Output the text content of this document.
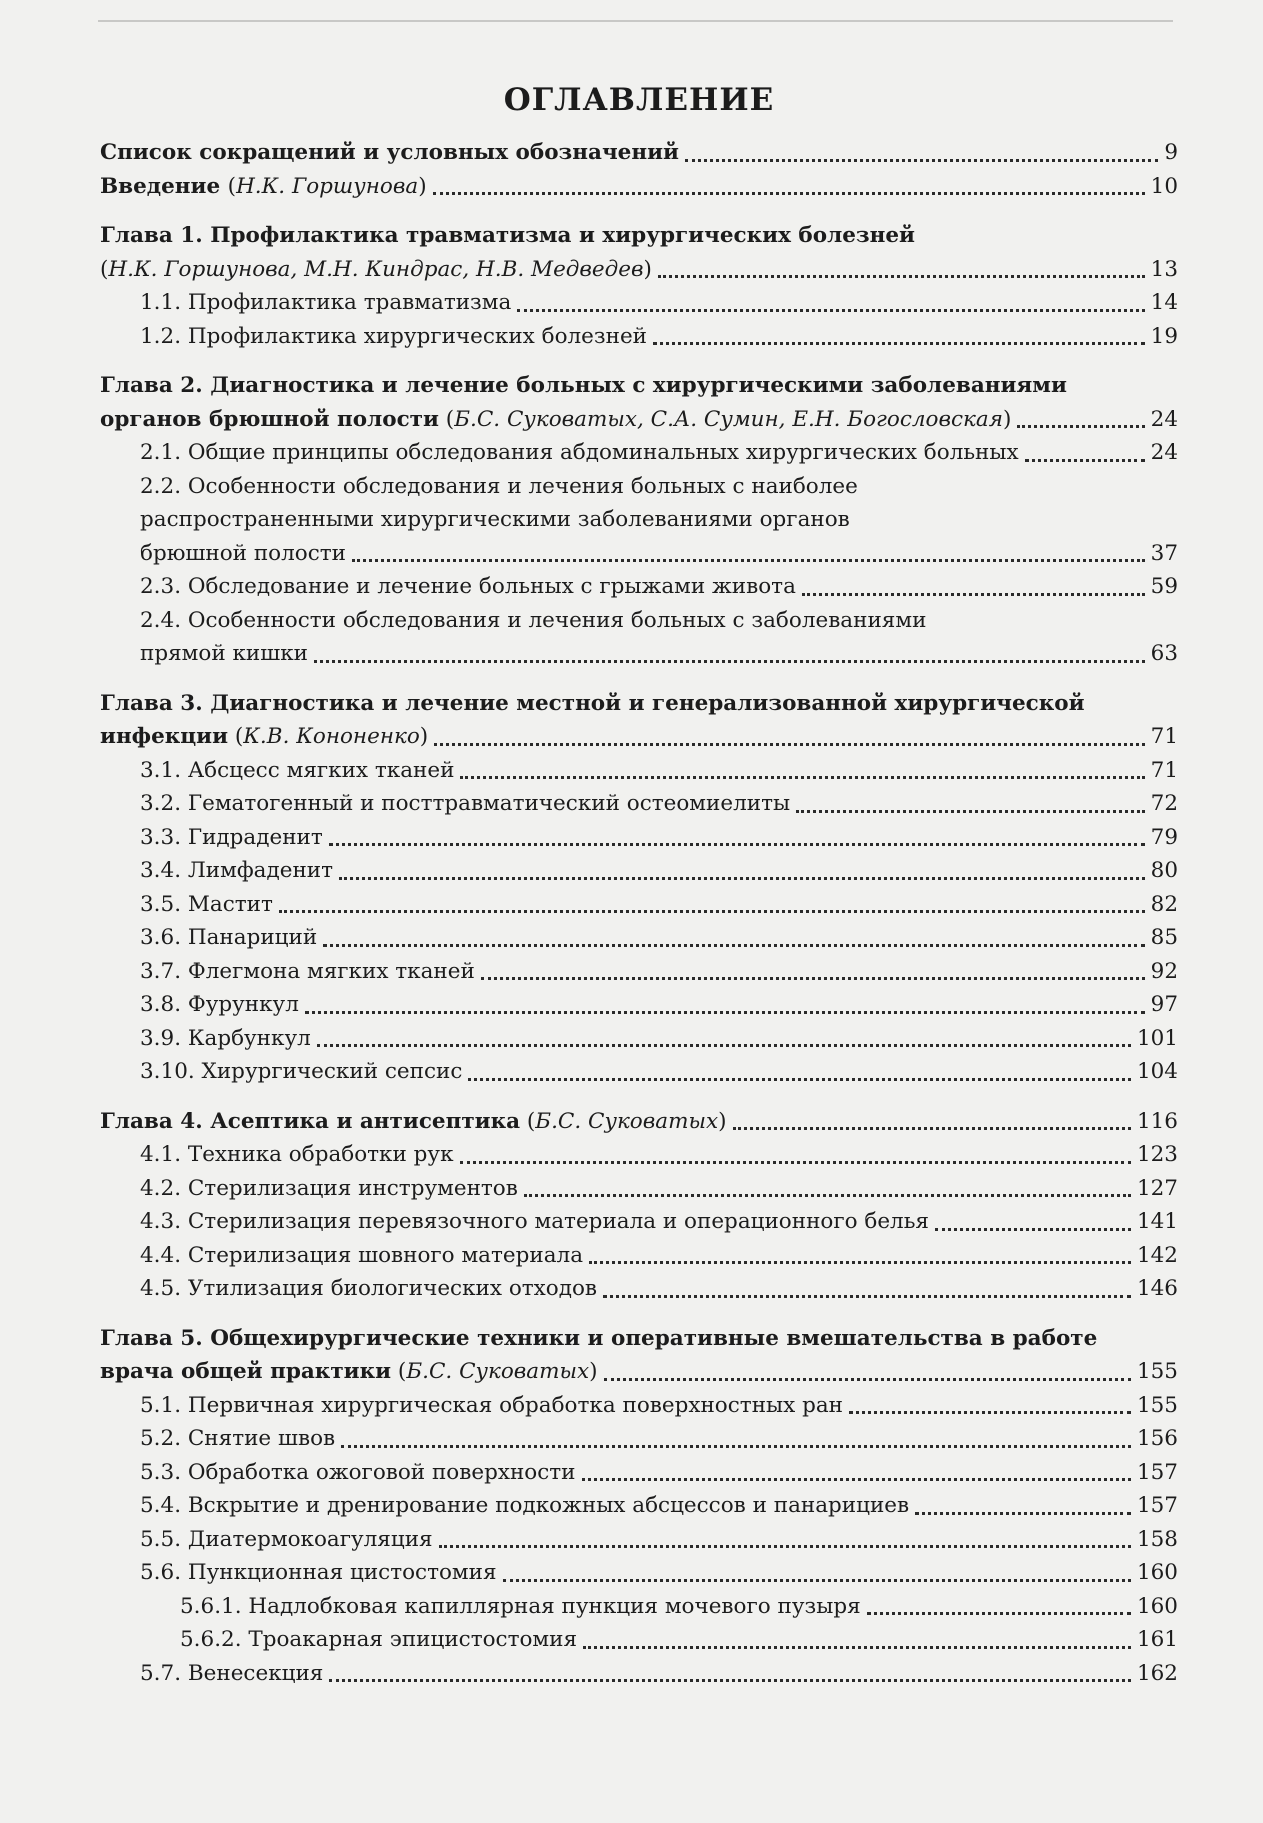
ОГЛАВЛЕНИЕ
Список сокращений и условных обозначений	9
Введение (Н.К. Горшунова)	10
Глава 1. Профилактика травматизма и хирургических болезней
(Н.К. Горшунова, М.Н. Киндрас, Н.В. Медведев)	13
1.1. Профилактика травматизма	14
1.2. Профилактика хирургических болезней	19
Глава 2. Диагностика и лечение больных с хирургическими заболеваниями
органов брюшной полости (Б.С. Суковатых, С.А. Сумин, Е.Н. Богословская)	24
2.1. Общие принципы обследования абдоминальных хирургических больных	24
2.2. Особенности обследования и лечения больных с наиболее
распространенными хирургическими заболеваниями органов
брюшной полости	37
2.3. Обследование и лечение больных с грыжами живота	59
2.4. Особенности обследования и лечения больных с заболеваниями
прямой кишки	63
Глава 3. Диагностика и лечение местной и генерализованной хирургической
инфекции (К.В. Кононенко)	71
3.1. Абсцесс мягких тканей	71
3.2. Гематогенный и посттравматический остеомиелиты	72
3.3. Гидраденит	79
3.4. Лимфаденит	80
3.5. Мастит	82
3.6. Панариций	85
3.7. Флегмона мягких тканей	92
3.8. Фурункул	97
3.9. Карбункул	101
3.10. Хирургический сепсис	104
Глава 4. Асептика и антисептика (Б.С. Суковатых)	116
4.1. Техника обработки рук	123
4.2. Стерилизация инструментов	127
4.3. Стерилизация перевязочного материала и операционного белья	141
4.4. Стерилизация шовного материала	142
4.5. Утилизация биологических отходов	146
Глава 5. Общехирургические техники и оперативные вмешательства в работе
врача общей практики (Б.С. Суковатых)	155
5.1. Первичная хирургическая обработка поверхностных ран	155
5.2. Снятие швов	156
5.3. Обработка ожоговой поверхности	157
5.4. Вскрытие и дренирование подкожных абсцессов и панарициев	157
5.5. Диатермокоагуляция	158
5.6. Пункционная цистостомия	160
5.6.1. Надлобковая капиллярная пункция мочевого пузыря	160
5.6.2. Троакарная эпицистостомия	161
5.7. Венесекция	162
